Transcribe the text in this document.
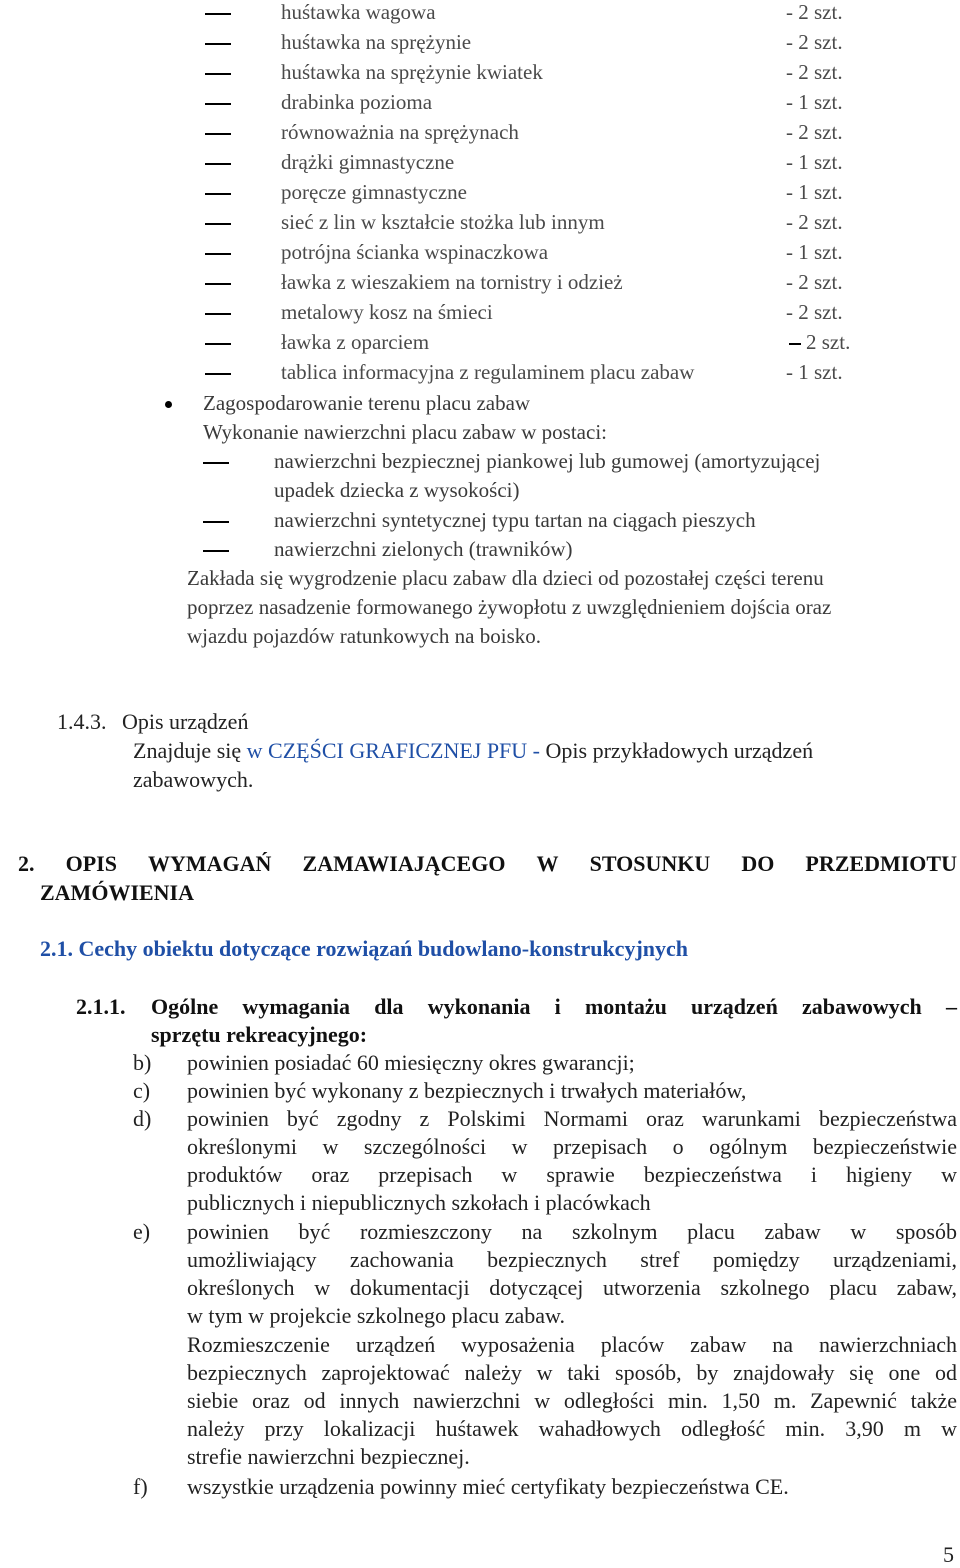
huśtawka wagowa	- 2 szt.
huśtawka na sprężynie	- 2 szt.
huśtawka na sprężynie kwiatek	- 2 szt.
drabinka pozioma	- 1 szt.
równoważnia na sprężynach	- 2 szt.
drążki gimnastyczne	- 1 szt.
poręcze gimnastyczne	- 1 szt.
sieć z lin w kształcie stożka lub innym	- 2 szt.
potrójna ścianka wspinaczkowa	- 1 szt.
ławka z wieszakiem na tornistry i odzież	- 2 szt.
metalowy kosz na śmieci	- 2 szt.
ławka z oparciem	2 szt.
tablica informacyjna z regulaminem placu zabaw	- 1 szt.
Zagospodarowanie terenu placu zabaw
Wykonanie nawierzchni placu zabaw w postaci:
nawierzchni bezpiecznej piankowej lub gumowej (amortyzującej
upadek dziecka z wysokości)
nawierzchni syntetycznej typu tartan na ciągach pieszych
nawierzchni zielonych (trawników)
Zakłada się wygrodzenie placu zabaw dla dzieci od pozostałej części terenu
poprzez nasadzenie formowanego żywopłotu z uwzględnieniem dojścia oraz
wjazdu pojazdów ratunkowych na boisko.
1.4.3. Opis urządzeń
Znajduje się w CZĘŚCI GRAFICZNEJ PFU - Opis przykładowych urządzeń
zabawowych.
2. OPIS WYMAGAŃ ZAMAWIAJĄCEGO W STOSUNKU DO PRZEDMIOTU
ZAMÓWIENIA
2.1. Cechy obiektu dotyczące rozwiązań budowlano-konstrukcyjnych
2.1.1. Ogólne wymagania dla wykonania i montażu urządzeń zabawowych –
sprzętu rekreacyjnego:
b) powinien posiadać 60 miesięczny okres gwarancji;
c) powinien być wykonany z bezpiecznych i trwałych materiałów,
d) powinien być zgodny z Polskimi Normami oraz warunkami bezpieczeństwa
określonymi w szczególności w przepisach o ogólnym bezpieczeństwie
produktów oraz przepisach w sprawie bezpieczeństwa i higieny w
publicznych i niepublicznych szkołach i placówkach
e) powinien być rozmieszczony na szkolnym placu zabaw w sposób
umożliwiający zachowania bezpiecznych stref pomiędzy urządzeniami,
określonych w dokumentacji dotyczącej utworzenia szkolnego placu zabaw,
w tym w projekcie szkolnego placu zabaw.
Rozmieszczenie urządzeń wyposażenia placów zabaw na nawierzchniach
bezpiecznych zaprojektować należy w taki sposób, by znajdowały się one od
siebie oraz od innych nawierzchni w odległości min. 1,50 m. Zapewnić także
należy przy lokalizacji huśtawek wahadłowych odległość min. 3,90 m w
strefie nawierzchni bezpiecznej.
f) wszystkie urządzenia powinny mieć certyfikaty bezpieczeństwa CE.
5
